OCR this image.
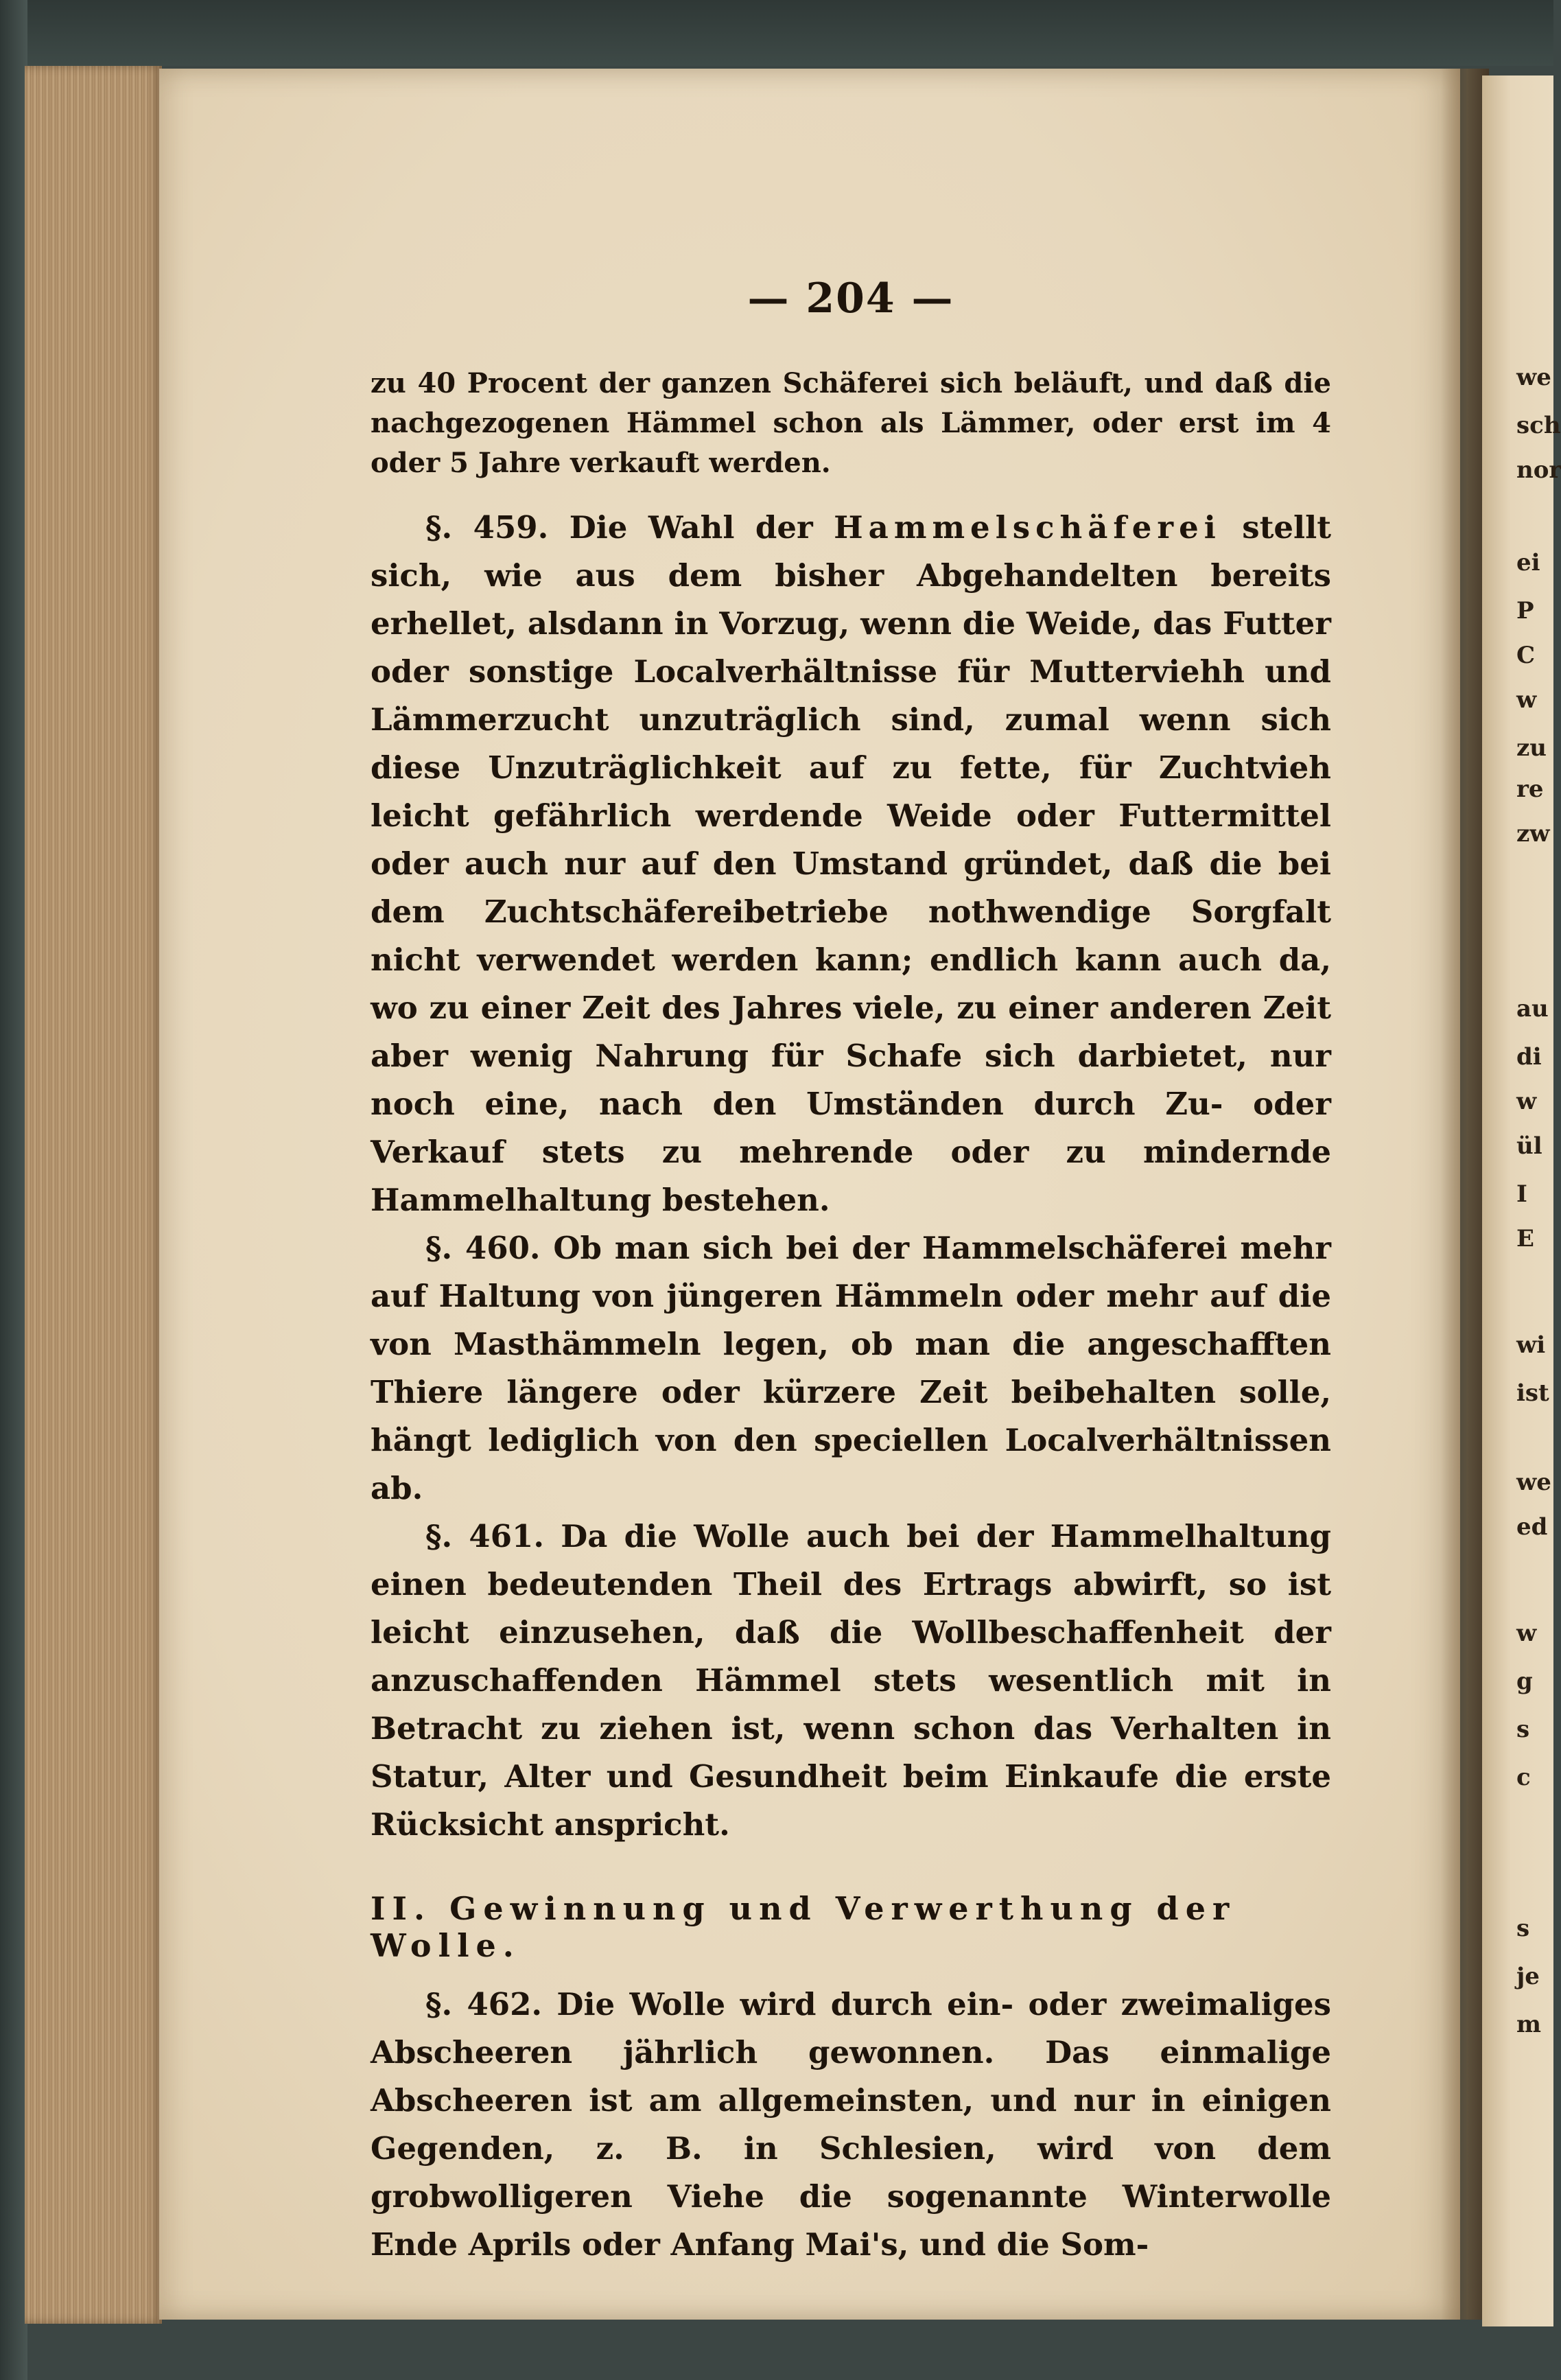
we
sch
nor
ei
P
C
w
zu
re
zw
au
di
w
ül
I
E
wi
ist
we
ed
w
g
s
c
s
je
m
— 204 —

zu 40 Procent der ganzen Schäferei sich beläuft, und daß die nachgezogenen Hämmel schon als Lämmer, oder erst im 4 oder 5 Jahre verkauft werden.

§. 459. Die Wahl der Hammelschäferei stellt sich, wie aus dem bisher Abgehandelten bereits erhellet, alsdann in Vorzug, wenn die Weide, das Futter oder sonstige Localverhältnisse für Mutterviehh und Lämmerzucht unzuträglich sind, zumal wenn sich diese Unzuträglichkeit auf zu fette, für Zuchtvieh leicht gefährlich werdende Weide oder Futtermittel oder auch nur auf den Umstand gründet, daß die bei dem Zuchtschäfereibetriebe nothwendige Sorgfalt nicht verwendet werden kann; endlich kann auch da, wo zu einer Zeit des Jahres viele, zu einer anderen Zeit aber wenig Nahrung für Schafe sich darbietet, nur noch eine, nach den Umständen durch Zu- oder Verkauf stets zu mehrende oder zu mindernde Hammelhaltung bestehen.

§. 460. Ob man sich bei der Hammelschäferei mehr auf Haltung von jüngeren Hämmeln oder mehr auf die von Masthämmeln legen, ob man die angeschafften Thiere längere oder kürzere Zeit beibehalten solle, hängt lediglich von den speciellen Localverhältnissen ab.

§. 461. Da die Wolle auch bei der Hammelhaltung einen bedeutenden Theil des Ertrags abwirft, so ist leicht einzusehen, daß die Wollbeschaffenheit der anzuschaffenden Hämmel stets wesentlich mit in Betracht zu ziehen ist, wenn schon das Verhalten in Statur, Alter und Gesundheit beim Einkaufe die erste Rücksicht anspricht.

II. Gewinnung und Verwerthung der Wolle.

§. 462. Die Wolle wird durch ein- oder zweimaliges Abscheeren jährlich gewonnen. Das einmalige Abscheeren ist am allgemeinsten, und nur in einigen Gegenden, z. B. in Schlesien, wird von dem grobwolligeren Viehe die sogenannte Winterwolle Ende Aprils oder Anfang Mai's, und die Som-
